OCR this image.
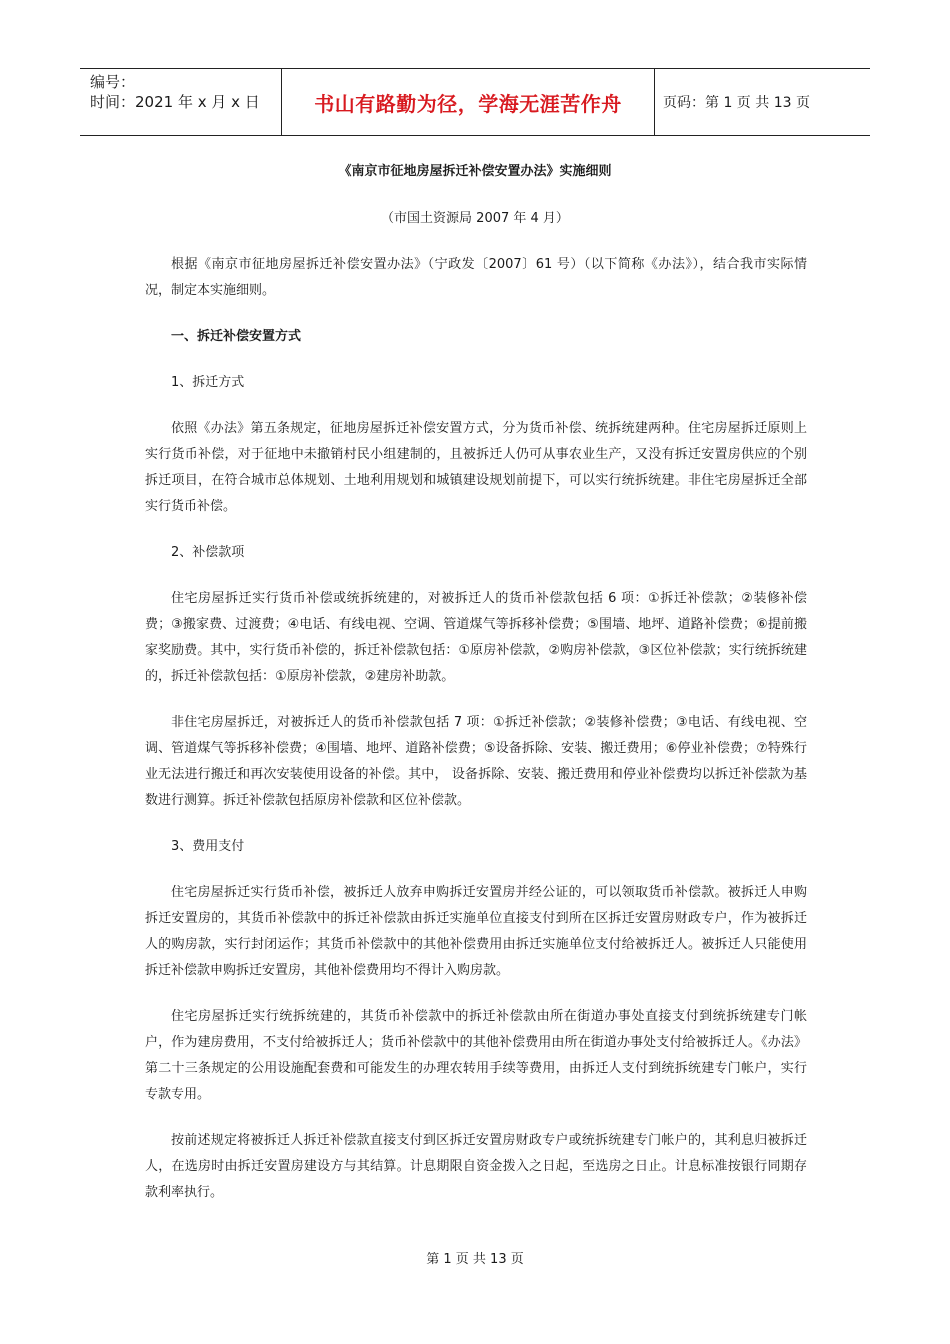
编号：
时间：2021 年 x 月 x 日	书山有路勤为径，学海无涯苦作舟	页码：第 1 页 共 13 页
《南京市征地房屋拆迁补偿安置办法》实施细则
（市国土资源局 2007 年 4 月）

根据《南京市征地房屋拆迁补偿安置办法》（宁政发〔2007〕61 号）（以下简称《办法》），结合我市实际情况，制定本实施细则。

一、拆迁补偿安置方式

1、拆迁方式

依照《办法》第五条规定，征地房屋拆迁补偿安置方式，分为货币补偿、统拆统建两种。住宅房屋拆迁原则上实行货币补偿，对于征地中未撤销村民小组建制的，且被拆迁人仍可从事农业生产，又没有拆迁安置房供应的个别拆迁项目，在符合城市总体规划、土地利用规划和城镇建设规划前提下，可以实行统拆统建。非住宅房屋拆迁全部实行货币补偿。

2、补偿款项

住宅房屋拆迁实行货币补偿或统拆统建的，对被拆迁人的货币补偿款包括 6 项：①拆迁补偿款；②装修补偿费；③搬家费、过渡费；④电话、有线电视、空调、管道煤气等拆移补偿费；⑤围墙、地坪、道路补偿费；⑥提前搬家奖励费。其中，实行货币补偿的，拆迁补偿款包括：①原房补偿款，②购房补偿款，③区位补偿款；实行统拆统建的，拆迁补偿款包括：①原房补偿款，②建房补助款。

非住宅房屋拆迁，对被拆迁人的货币补偿款包括 7 项：①拆迁补偿款；②装修补偿费；③电话、有线电视、空调、管道煤气等拆移补偿费；④围墙、地坪、道路补偿费；⑤设备拆除、安装、搬迁费用；⑥停业补偿费；⑦特殊行业无法进行搬迁和再次安装使用设备的补偿。其中， 设备拆除、安装、搬迁费用和停业补偿费均以拆迁补偿款为基数进行测算。拆迁补偿款包括原房补偿款和区位补偿款。

3、费用支付

住宅房屋拆迁实行货币补偿，被拆迁人放弃申购拆迁安置房并经公证的，可以领取货币补偿款。被拆迁人申购拆迁安置房的，其货币补偿款中的拆迁补偿款由拆迁实施单位直接支付到所在区拆迁安置房财政专户，作为被拆迁人的购房款，实行封闭运作；其货币补偿款中的其他补偿费用由拆迁实施单位支付给被拆迁人。被拆迁人只能使用拆迁补偿款申购拆迁安置房，其他补偿费用均不得计入购房款。

住宅房屋拆迁实行统拆统建的，其货币补偿款中的拆迁补偿款由所在街道办事处直接支付到统拆统建专门帐户，作为建房费用，不支付给被拆迁人；货币补偿款中的其他补偿费用由所在街道办事处支付给被拆迁人。《办法》第二十三条规定的公用设施配套费和可能发生的办理农转用手续等费用，由拆迁人支付到统拆统建专门帐户，实行专款专用。

按前述规定将被拆迁人拆迁补偿款直接支付到区拆迁安置房财政专户或统拆统建专门帐户的，其利息归被拆迁人，在选房时由拆迁安置房建设方与其结算。计息期限自资金拨入之日起，至选房之日止。计息标准按银行同期存款利率执行。

第 1 页 共 13 页
